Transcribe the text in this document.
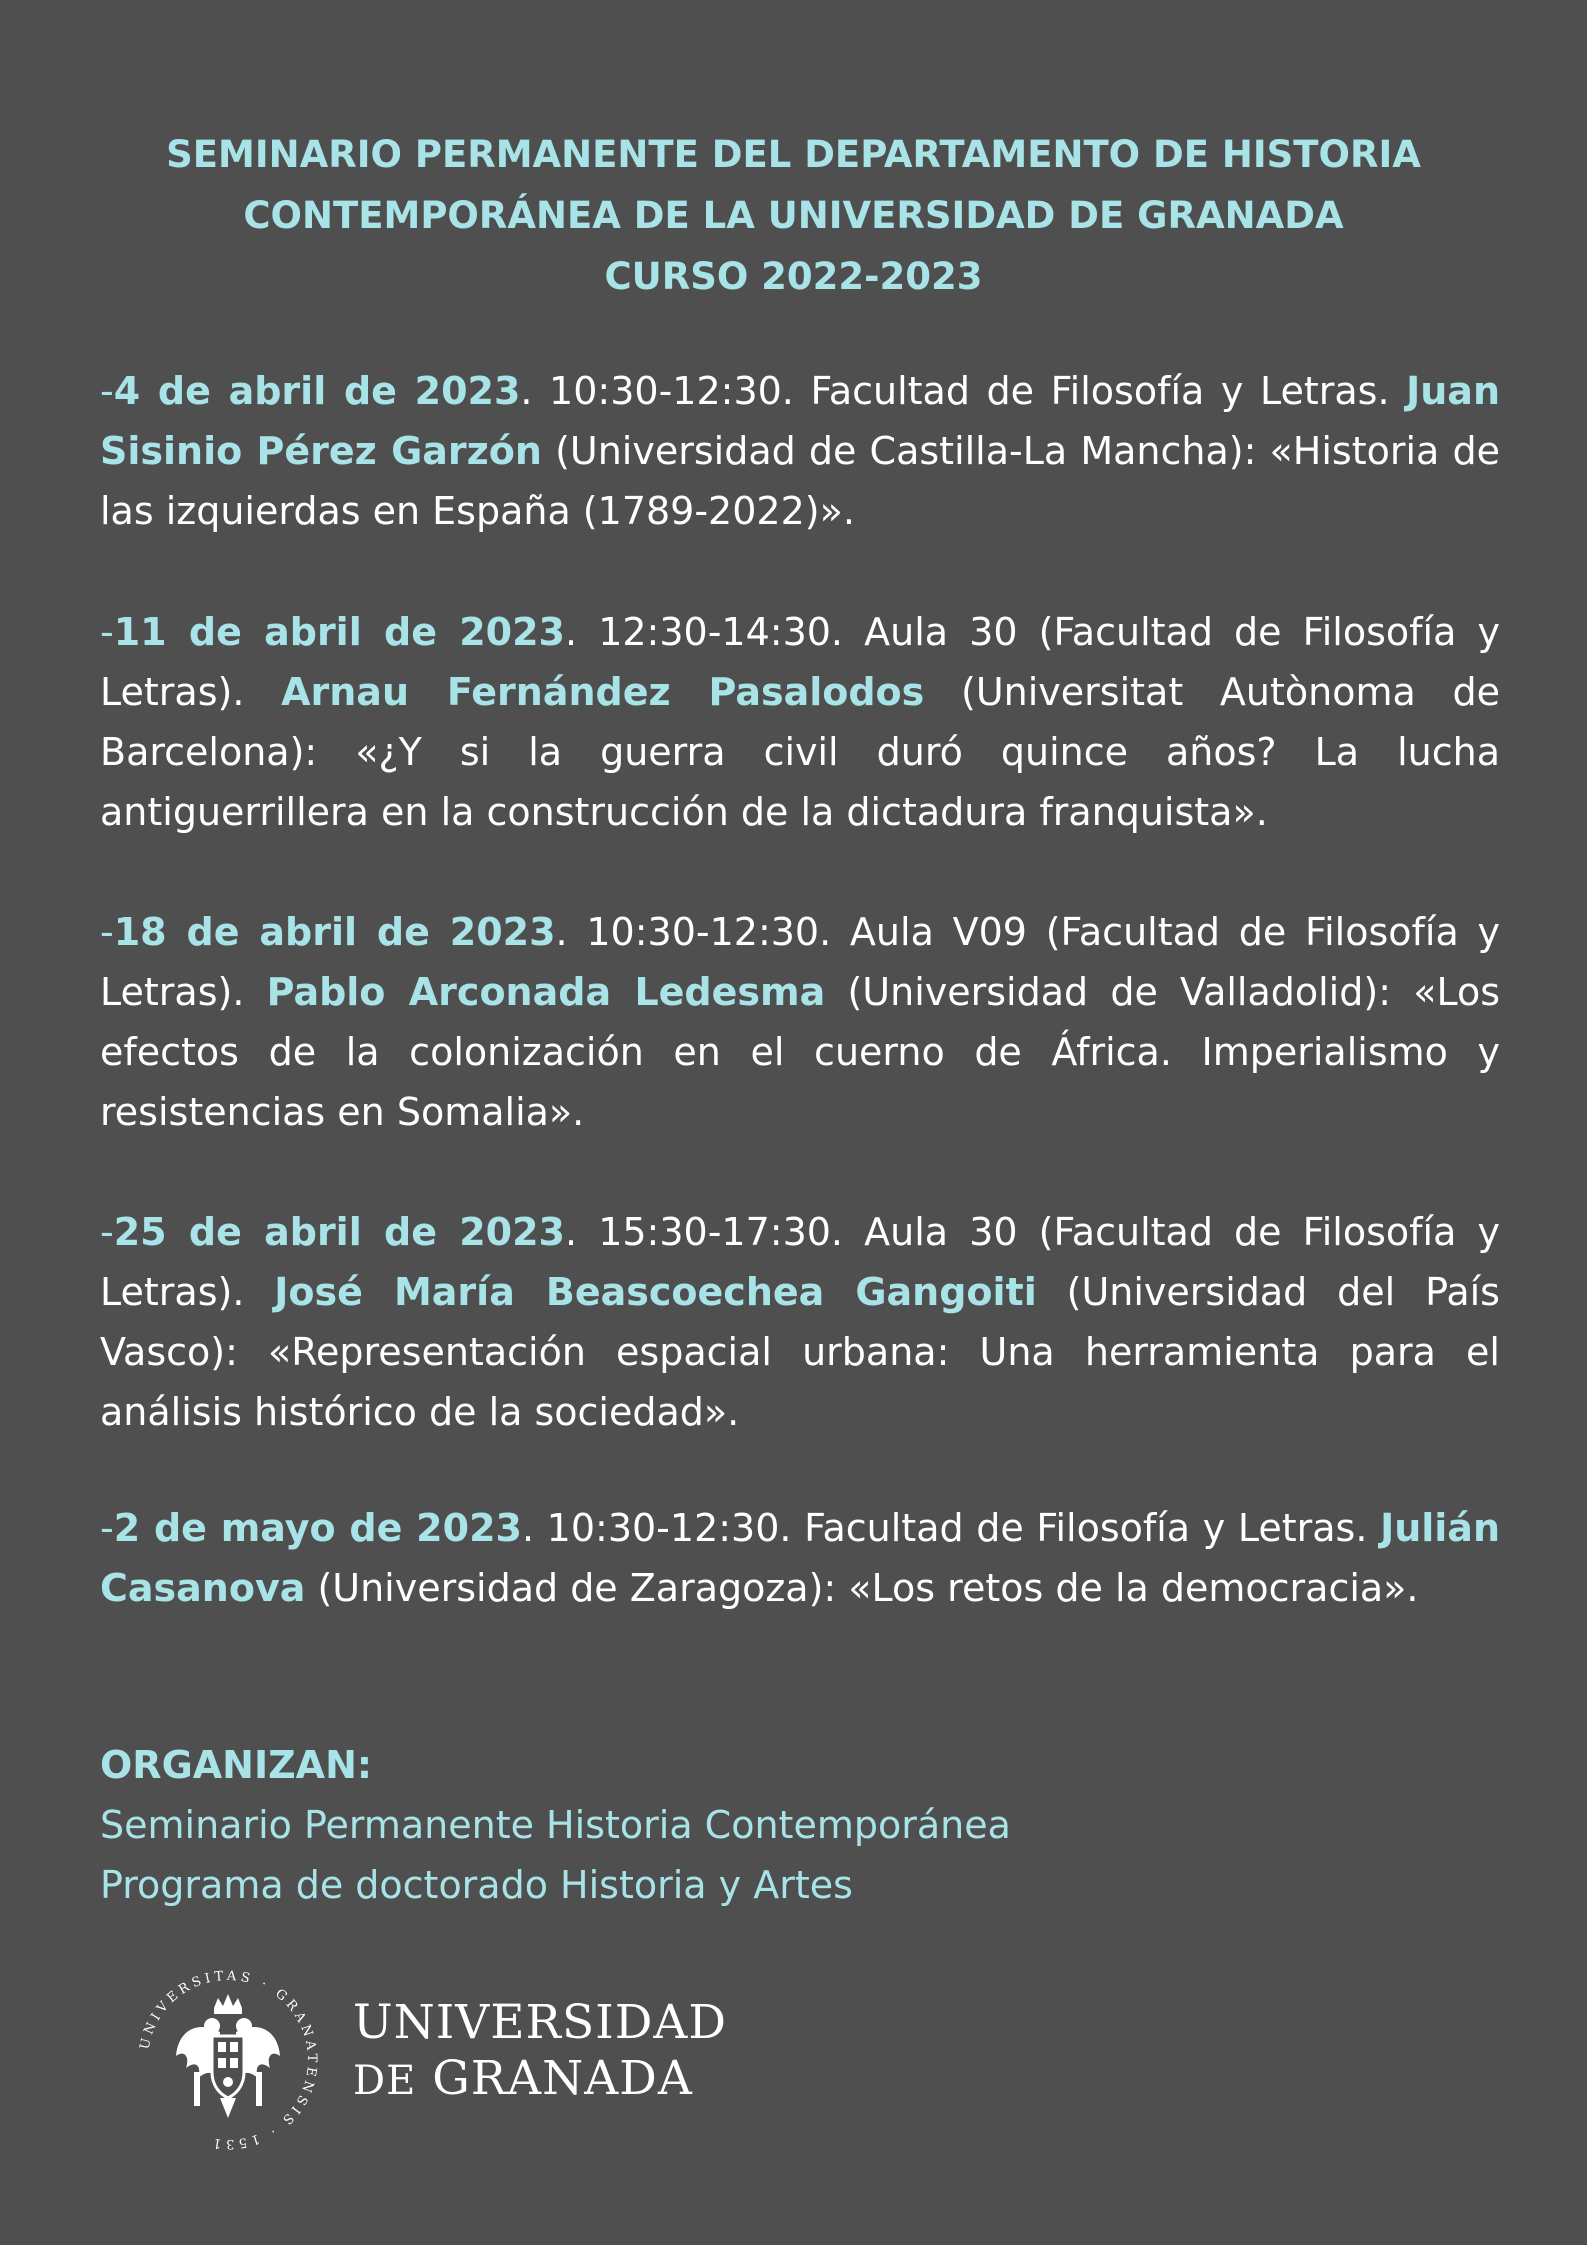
SEMINARIO PERMANENTE DEL DEPARTAMENTO DE HISTORIA
CONTEMPORÁNEA DE LA UNIVERSIDAD DE GRANADA
CURSO 2022-2023
-4 de abril de 2023. 10:30-12:30. Facultad de Filosofía y Letras. Juan Sisinio Pérez Garzón (Universidad de Castilla-La Mancha): «Historia de las izquierdas en España (1789-2022)».
-11 de abril de 2023. 12:30-14:30. Aula 30 (Facultad de Filosofía y Letras). Arnau Fernández Pasalodos (Universitat Autònoma de Barcelona): «¿Y si la guerra civil duró quince años? La lucha antiguerrillera en la construcción de la dictadura franquista».
-18 de abril de 2023. 10:30-12:30. Aula V09 (Facultad de Filosofía y Letras). Pablo Arconada Ledesma (Universidad de Valladolid): «Los efectos de la colonización en el cuerno de África. Imperialismo y resistencias en Somalia».
-25 de abril de 2023. 15:30-17:30. Aula 30 (Facultad de Filosofía y Letras). José María Beascoechea Gangoiti (Universidad del País Vasco): «Representación espacial urbana: Una herramienta para el análisis histórico de la sociedad».
-2 de mayo de 2023. 10:30-12:30. Facultad de Filosofía y Letras. Julián Casanova (Universidad de Zaragoza): «Los retos de la democracia».
ORGANIZAN:
Seminario Permanente Historia Contemporánea
Programa de doctorado Historia y Artes
UNIVERSITAS · GRANATENSIS · 1531
UNIVERSIDAD
DE GRANADA
